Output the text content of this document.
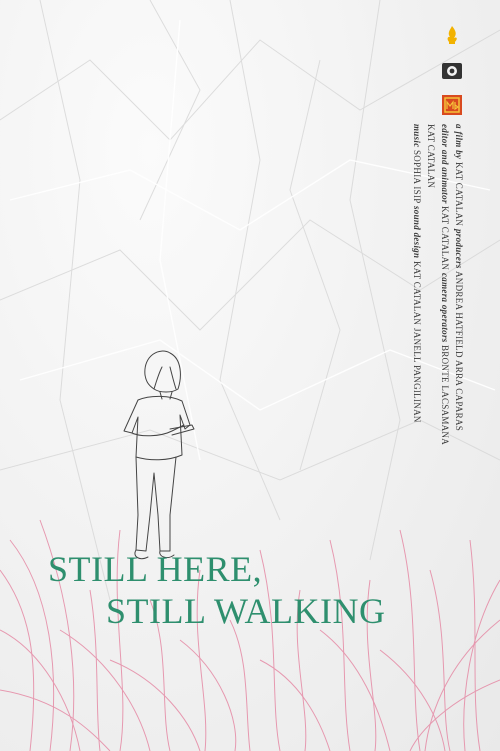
a film by KAT CATALAN producers ANDREA HATFIELD ARRA CAPARAS
editor and animator KAT CATALAN camera operators BRONTE LACSAMANA KAT CATALAN
music SOPHIA ISIP sound design KAT CATALAN JANELL PANGILINAN
STILL HERE,
STILL WALKING
